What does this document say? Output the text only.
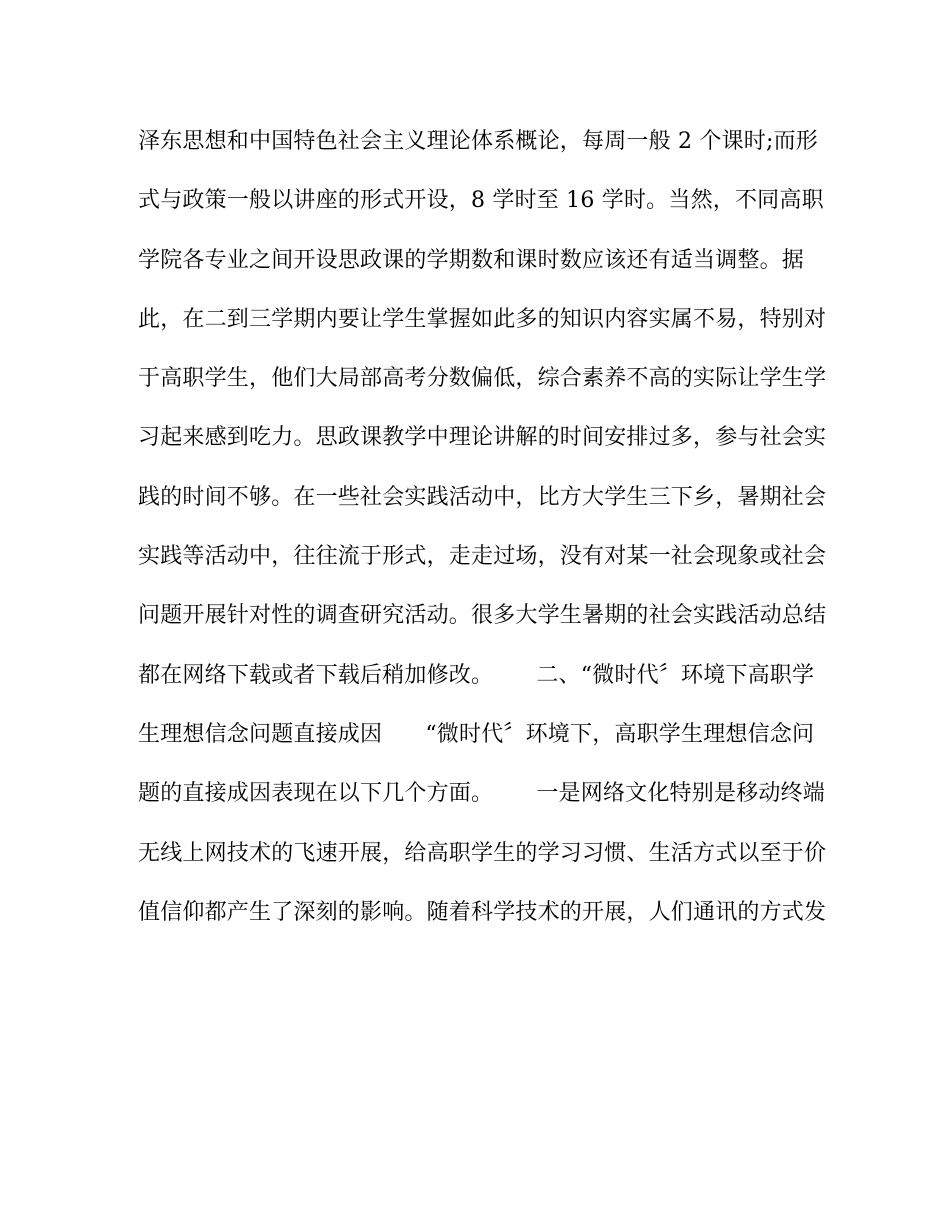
泽东思想和中国特色社会主义理论体系概论，每周一般 2 个课时;而形
式与政策一般以讲座的形式开设，8 学时至 16 学时。当然，不同高职
学院各专业之间开设思政课的学期数和课时数应该还有适当调整。据
此，在二到三学期内要让学生掌握如此多的知识内容实属不易，特别对
于高职学生，他们大局部高考分数偏低，综合素养不高的实际让学生学
习起来感到吃力。思政课教学中理论讲解的时间安排过多，参与社会实
践的时间不够。在一些社会实践活动中，比方大学生三下乡，暑期社会
实践等活动中，往往流于形式，走走过场，没有对某一社会现象或社会
问题开展针对性的调查研究活动。很多大学生暑期的社会实践活动总结
都在网络下载或者下载后稍加修改。      二、“微时代〞环境下高职学
生理想信念问题直接成因      “微时代〞环境下，高职学生理想信念问
题的直接成因表现在以下几个方面。      一是网络文化特别是移动终端
无线上网技术的飞速开展，给高职学生的学习习惯、生活方式以至于价
值信仰都产生了深刻的影响。随着科学技术的开展，人们通讯的方式发
